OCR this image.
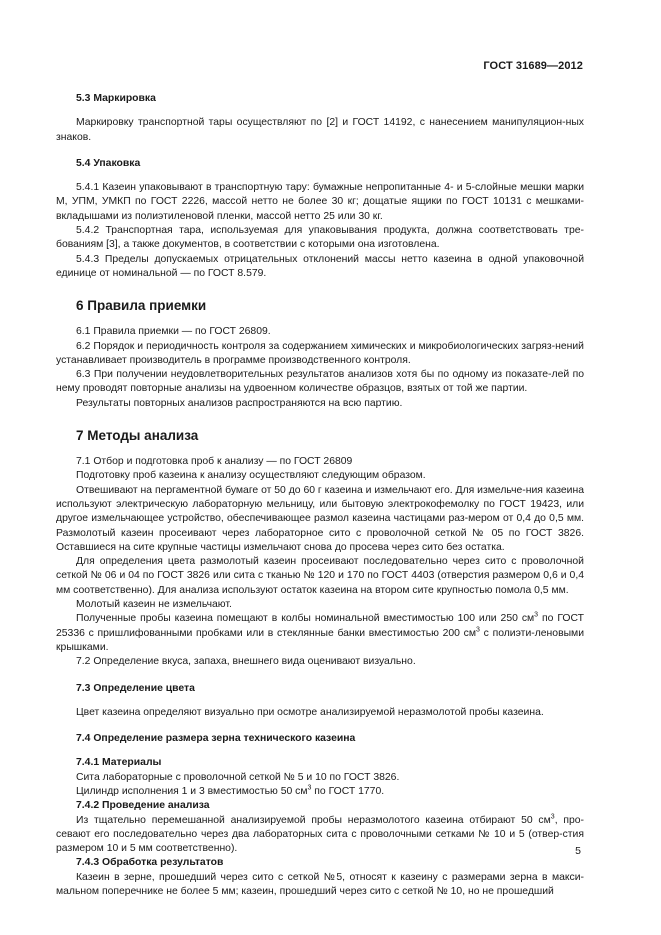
ГОСТ 31689—2012
5.3 Маркировка

Маркировку транспортной тары осуществляют по [2] и ГОСТ 14192, с нанесением манипуляцион-ных знаков.

5.4 Упаковка

5.4.1 Казеин упаковывают в транспортную тару: бумажные непропитанные 4- и 5-слойные мешки марки М, УПМ, УМКП по ГОСТ 2226, массой нетто не более 30 кг; дощатые ящики по ГОСТ 10131 с мешками-вкладышами из полиэтиленовой пленки, массой нетто 25 или 30 кг.

5.4.2 Транспортная тара, используемая для упаковывания продукта, должна соответствовать тре-бованиям [3], а также документов, в соответствии с которыми она изготовлена.

5.4.3 Пределы допускаемых отрицательных отклонений массы нетто казеина в одной упаковочной единице от номинальной — по ГОСТ 8.579.

6 Правила приемки

6.1 Правила приемки — по ГОСТ 26809.

6.2 Порядок и периодичность контроля за содержанием химических и микробиологических загряз-нений устанавливает производитель в программе производственного контроля.

6.3 При получении неудовлетворительных результатов анализов хотя бы по одному из показате-лей по нему проводят повторные анализы на удвоенном количестве образцов, взятых от той же партии.

Результаты повторных анализов распространяются на всю партию.

7 Методы анализа

7.1 Отбор и подготовка проб к анализу — по ГОСТ 26809

Подготовку проб казеина к анализу осуществляют следующим образом.

Отвешивают на пергаментной бумаге от 50 до 60 г казеина и измельчают его. Для измельче-ния казеина используют электрическую лабораторную мельницу, или бытовую электрокофемолку по ГОСТ 19423, или другое измельчающее устройство, обеспечивающее размол казеина частицами раз-мером от 0,4 до 0,5 мм. Размолотый казеин просеивают через лабораторное сито с проволочной сеткой № 05 по ГОСТ 3826. Оставшиеся на сите крупные частицы измельчают снова до просева через сито без остатка.

Для определения цвета размолотый казеин просеивают последовательно через сито с проволочной сеткой № 06 и 04 по ГОСТ 3826 или сита с тканью № 120 и 170 по ГОСТ 4403 (отверстия размером 0,6 и 0,4 мм соответственно). Для анализа используют остаток казеина на втором сите крупностью помола 0,5 мм.

Молотый казеин не измельчают.

Полученные пробы казеина помещают в колбы номинальной вместимостью 100 или 250 $см^3$ по ГОСТ 25336 с пришлифованными пробками или в стеклянные банки вместимостью 200 $см^3$ с полиэти-леновыми крышками.

7.2 Определение вкуса, запаха, внешнего вида оценивают визуально.

7.3 Определение цвета

Цвет казеина определяют визуально при осмотре анализируемой неразмолотой пробы казеина.

7.4 Определение размера зерна технического казеина
7.4.1 Материалы

Сита лабораторные с проволочной сеткой № 5 и 10 по ГОСТ 3826.

Цилиндр исполнения 1 и 3 вместимостью 50 $см^3$ по ГОСТ 1770.

7.4.2 Проведение анализа

Из тщательно перемешанной анализируемой пробы неразмолотого казеина отбирают 50 $см^3$, про-севают его последовательно через два лабораторных сита с проволочными сетками № 10 и 5 (отвер-стия размером 10 и 5 мм соответственно).

7.4.3 Обработка результатов

Казеин в зерне, прошедший через сито с сеткой №5, относят к казеину с размерами зерна в макси-мальном поперечнике не более 5 мм; казеин, прошедший через сито с сеткой № 10, но не прошедший

5
